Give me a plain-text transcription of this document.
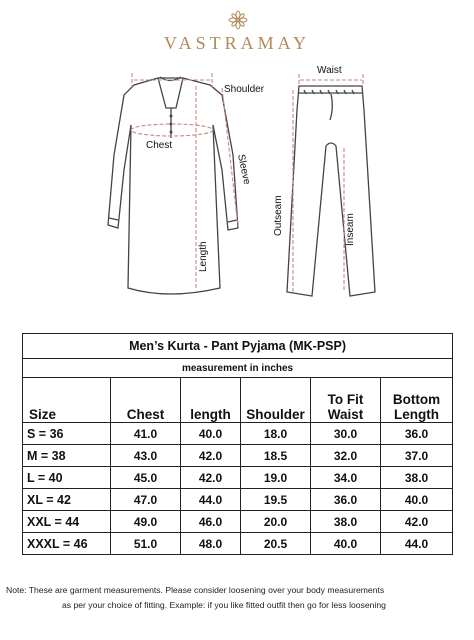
VASTRAMAY
Shoulder
Chest
Sleeve
Length
Waist
Outseam	Inseam
Men’s Kurta - Pant Pyjama (MK-PSP)					
measurement in inches					
Size	Chest	length	Shoulder	To Fit Waist	Bottom Length
S = 36	41.0	40.0	18.0	30.0	36.0
M = 38	43.0	42.0	18.5	32.0	37.0
L = 40	45.0	42.0	19.0	34.0	38.0
XL = 42	47.0	44.0	19.5	36.0	40.0
XXL = 44	49.0	46.0	20.0	38.0	42.0
XXXL = 46	51.0	48.0	20.5	40.0	44.0

Note: These are garment measurements. Please consider loosening over your body measurements

as per your choice of fitting. Example: if you like fitted outfit then go for less loosening
